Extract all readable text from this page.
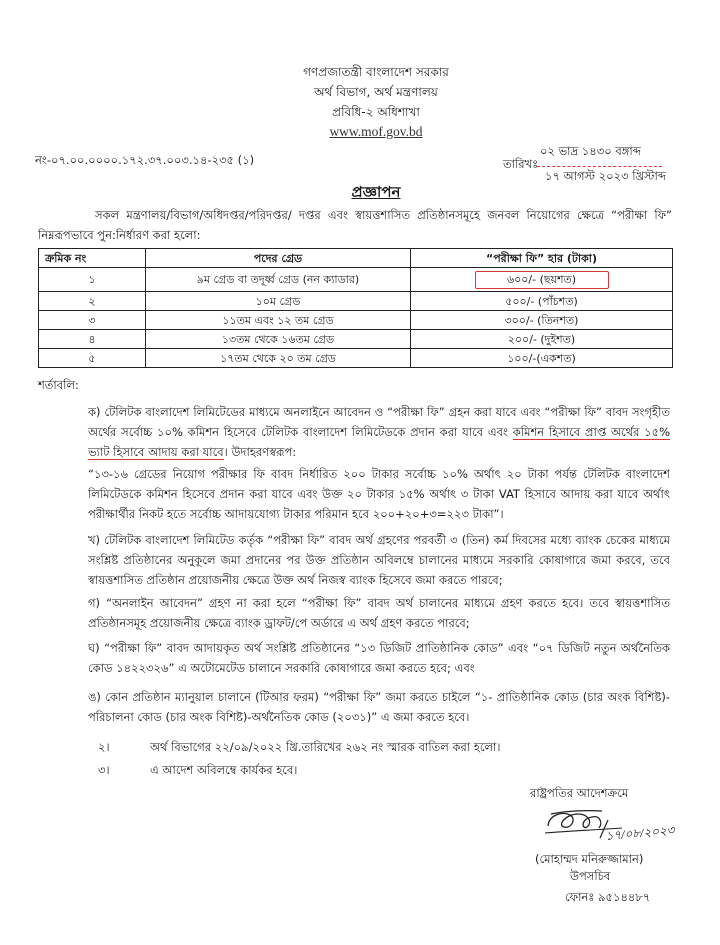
গণপ্রজাতন্ত্রী বাংলাদেশ সরকার
অর্থ বিভাগ, অর্থ মন্ত্রণালয়
প্রবিধি-২ অধিশাখা
www.mof.gov.bd
নং-০৭.০০.০০০০.১৭২.৩৭.০০৩.১৪-২৩৫ (১)
০২ ভাদ্র ১৪৩০ বঙ্গাব্দ
তারিখঃ
১৭ আগস্ট ২০২৩ খ্রিস্টাব্দ
প্রজ্ঞাপন
সকল মন্ত্রণালয়/বিভাগ/অধিদপ্তর/পরিদপ্তর/ দপ্তর এবং স্বায়ত্তশাসিত প্রতিষ্ঠানসমূহে জনবল নিয়োগের ক্ষেত্রে “পরীক্ষা ফি” নিম্নরূপভাবে পুন:নির্ধারণ করা হলো:
ক্রমিক নং	পদের গ্রেড	“পরীক্ষা ফি” হার (টাকা)
১	৯ম গ্রেড বা তদূর্ধ্ব গ্রেড (নন ক্যাডার)	৬০০/- (ছয়শত)
২	১০ম গ্রেড	৫০০/- (পাঁচশত)
৩	১১তম এবং ১২ তম গ্রেড	৩০০/- (তিনশত)
৪	১৩তম থেকে ১৬তম গ্রেড	২০০/- (দুইশত)
৫	১৭তম থেকে ২০ তম গ্রেড	১০০/-(একশত)
শর্তাবলি:
ক) টেলিটক বাংলাদেশ লিমিটেডের মাধ্যমে অনলাইনে আবেদন ও “পরীক্ষা ফি” গ্রহন করা যাবে এবং “পরীক্ষা ফি” বাবদ সংগৃহীত অর্থের সর্বোচ্চ ১০% কমিশন হিসেবে টেলিটক বাংলাদেশ লিমিটেডকে প্রদান করা যাবে এবং কমিশন হিসাবে প্রাপ্ত অর্থের ১৫% ভ্যাট হিসাবে আদায় করা যাবে। উদাহরণস্বরূপ:
“১৩-১৬ গ্রেডের নিয়োগ পরীক্ষার ফি বাবদ নির্ধারিত ২০০ টাকার সর্বোচ্চ ১০% অর্থাৎ ২০ টাকা পর্যন্ত টেলিটক বাংলাদেশ লিমিটেডকে কমিশন হিসেবে প্রদান করা যাবে এবং উক্ত ২০ টাকার ১৫% অর্থাৎ ৩ টাকা VAT হিসাবে আদায় করা যাবে অর্থাৎ পরীক্ষার্থীর নিকট হতে সর্বোচ্চ আদায়যোগ্য টাকার পরিমান হবে ২০০+২০+৩=২২৩ টাকা”।
খ) টেলিটক বাংলাদেশ লিমিটেড কর্তৃক “পরীক্ষা ফি” বাবদ অর্থ গ্রহণের পরবর্তী ৩ (তিন) কর্ম দিবসের মধ্যে ব্যাংক চেকের মাধ্যমে সংশ্লিষ্ট প্রতিষ্ঠানের অনুকূলে জমা প্রদানের পর উক্ত প্রতিষ্ঠান অবিলম্বে চালানের মাধ্যমে সরকারি কোষাগারে জমা করবে, তবে স্বায়ত্তশাসিত প্রতিষ্ঠান প্রয়োজনীয় ক্ষেত্রে উক্ত অর্থ নিজস্ব ব্যাংক হিসেবে জমা করতে পারবে;
গ) “অনলাইন আবেদন” গ্রহণ না করা হলে “পরীক্ষা ফি” বাবদ অর্থ চালানের মাধ্যমে গ্রহণ করতে হবে। তবে স্বায়ত্তশাসিত প্রতিষ্ঠানসমূহ প্রয়োজনীয় ক্ষেত্রে ব্যাংক ড্রাফট/পে অর্ডারে এ অর্থ গ্রহণ করতে পারবে;
ঘ) “পরীক্ষা ফি” বাবদ আদায়কৃত অর্থ সংশ্লিষ্ট প্রতিষ্ঠানের “১৩ ডিজিট প্রাতিষ্ঠানিক কোড” এবং “০৭ ডিজিট নতুন অর্থনৈতিক কোড ১৪২২৩২৬” এ অটোমেটেড চালানে সরকারি কোষাগারে জমা করতে হবে; এবং
ঙ) কোন প্রতিষ্ঠান ম্যানুয়াল চালানে (টিআর ফরম) “পরীক্ষা ফি” জমা করতে চাইলে “১- প্রাতিষ্ঠানিক কোড (চার অংক বিশিষ্ট)-পরিচালনা কোড (চার অংক বিশিষ্ট)-অর্থনৈতিক কোড (২০৩১)” এ জমা করতে হবে।
২।	অর্থ বিভাগের ২২/০৯/২০২২ খ্রি.তারিখের ২৬২ নং স্মারক বাতিল করা হলো।
৩।	এ আদেশ অবিলম্বে কার্যকর হবে।
রাষ্ট্রপতির আদেশক্রমে
১৭/০৮/২০২৩
(মোহাম্মদ মনিরুজ্জামান)
উপসচিব
ফোনঃ ৯৫১৪৪৮৭
